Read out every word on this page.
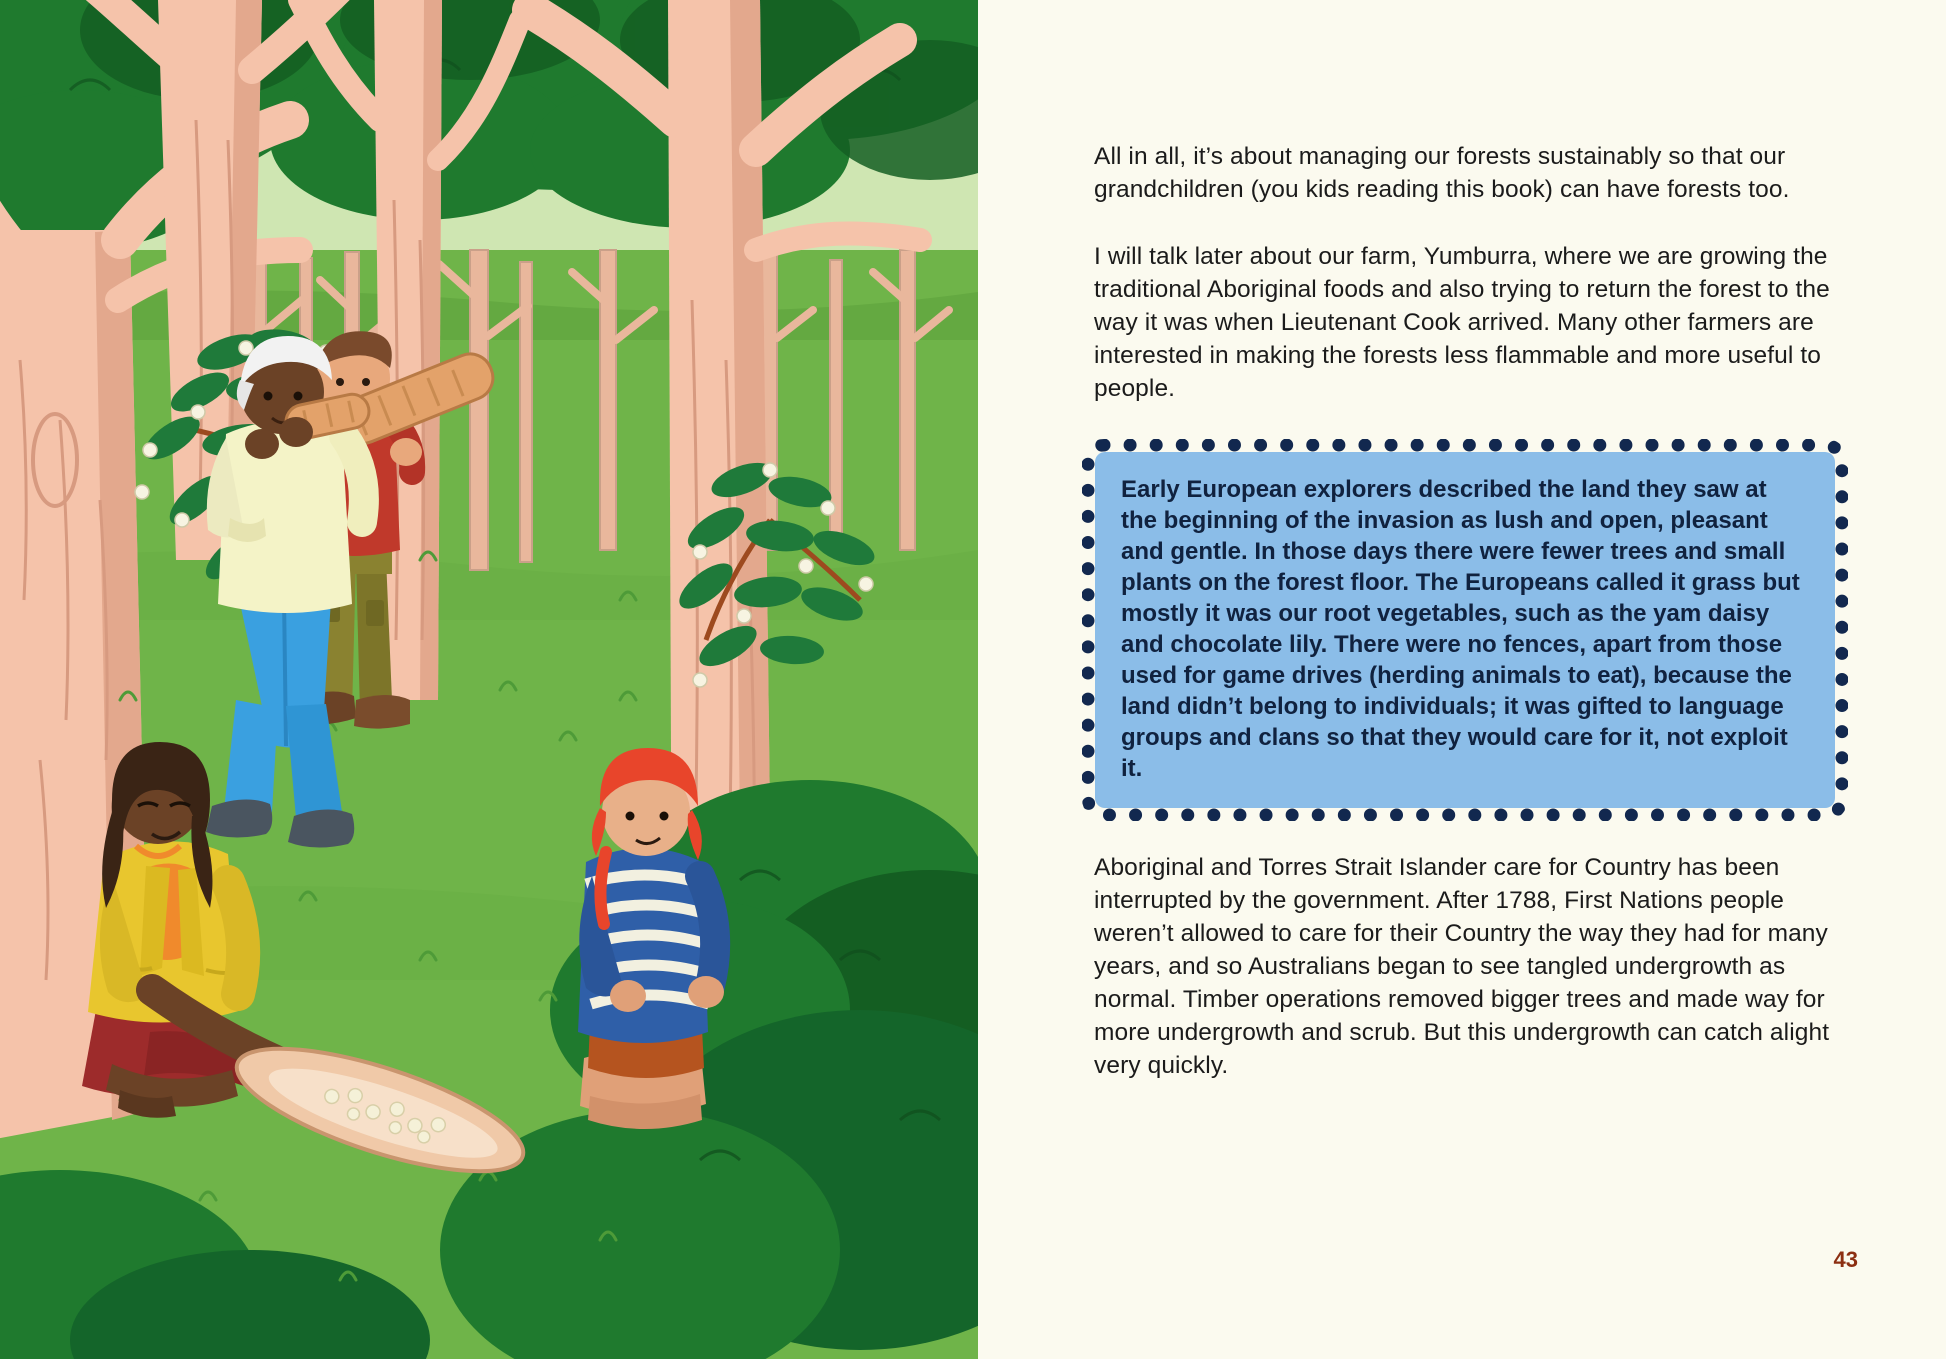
All in all, it’s about managing our forests sustainably so that our grandchildren (you kids reading this book) can have forests too.

I will talk later about our farm, Yumburra, where we are growing the traditional Aboriginal foods and also trying to return the forest to the way it was when Lieutenant Cook arrived. Many other farmers are interested in making the forests less flammable and more useful to people.

Early European explorers described the land they saw at the beginning of the invasion as lush and open, pleasant and gentle. In those days there were fewer trees and small plants on the forest floor. The Europeans called it grass but mostly it was our root vegetables, such as the yam daisy and chocolate lily. There were no fences, apart from those used for game drives (herding animals to eat), because the land didn’t belong to individuals; it was gifted to language groups and clans so that they would care for it, not exploit it.

Aboriginal and Torres Strait Islander care for Country has been interrupted by the government. After 1788, First Nations people weren’t allowed to care for their Country the way they had for many years, and so Australians began to see tangled undergrowth as normal. Timber operations removed bigger trees and made way for more undergrowth and scrub. But this undergrowth can catch alight very quickly.

43
